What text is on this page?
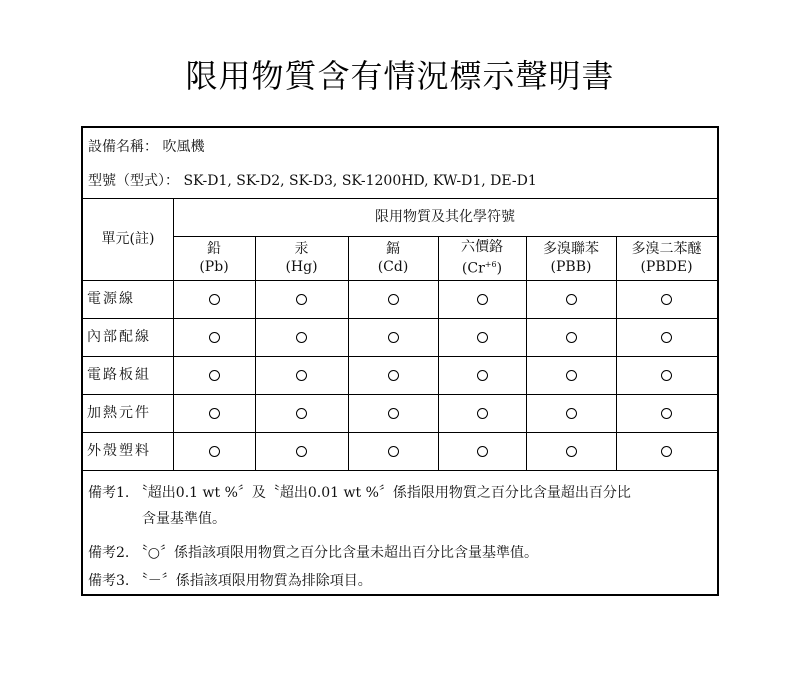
限用物質含有情況標示聲明書
設備名稱： 吹風機
型號（型式）： SK-D1, SK-D2, SK-D3, SK-1200HD, KW-D1, DE-D1
單元(註)
限用物質及其化學符號
鉛
(Pb)
汞
(Hg)
鎘
(Cd)
六價鉻
$(Cr^{+6})$
多溴聯苯
(PBB)
多溴二苯醚
(PBDE)
電源線
內部配線
電路板組
加熱元件
外殼塑料
備考1. 〝超出0.1 wt %〞及〝超出0.01 wt %〞係指限用物質之百分比含量超出百分比
含量基準值。
備考2. 〝○〞係指該項限用物質之百分比含量未超出百分比含量基準值。
備考3. 〝－〞係指該項限用物質為排除項目。
